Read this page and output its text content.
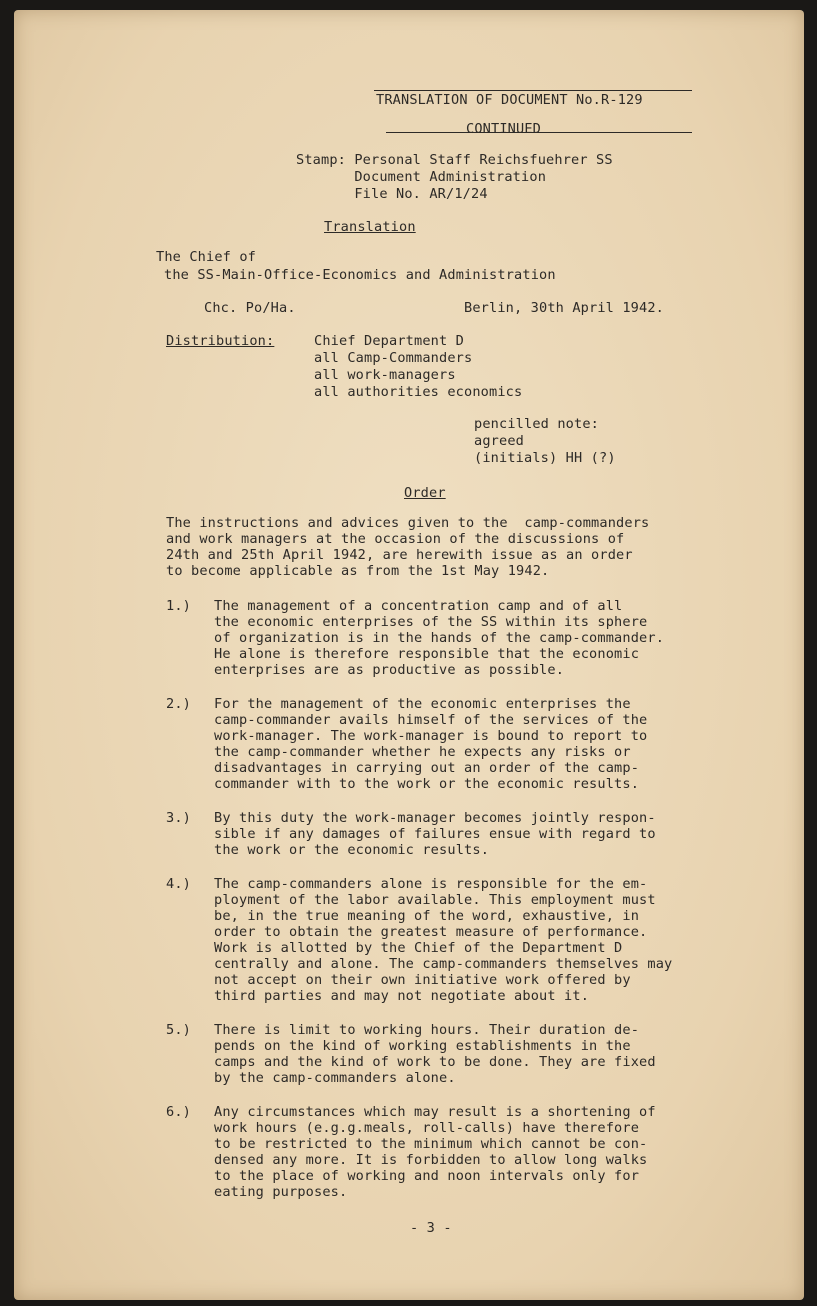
TRANSLATION OF DOCUMENT No.R-129
CONTINUED
Stamp: Personal Staff Reichsfuehrer SS
Document Administration
File No. AR/1/24
Translation
The Chief of
the SS-Main-Office-Economics and Administration
Chc. Po/Ha.	Berlin, 30th April 1942.
Distribution:	Chief Department D
all Camp-Commanders
all work-managers
all authorities economics
pencilled note:
agreed
(initials) HH (?)
Order
The instructions and advices given to the  camp-commanders
and work managers at the occasion of the discussions of
24th and 25th April 1942, are herewith issue as an order
to become applicable as from the 1st May 1942.
1.) The management of a concentration camp and of all
the economic enterprises of the SS within its sphere
of organization is in the hands of the camp-commander.
He alone is therefore responsible that the economic
enterprises are as productive as possible.
2.) For the management of the economic enterprises the
camp-commander avails himself of the services of the
work-manager. The work-manager is bound to report to
the camp-commander whether he expects any risks or
disadvantages in carrying out an order of the camp-
commander with to the work or the economic results.
3.) By this duty the work-manager becomes jointly respon-
sible if any damages of failures ensue with regard to
the work or the economic results.
4.) The camp-commanders alone is responsible for the em-
ployment of the labor available. This employment must
be, in the true meaning of the word, exhaustive, in
order to obtain the greatest measure of performance.
Work is allotted by the Chief of the Department D
centrally and alone. The camp-commanders themselves may
not accept on their own initiative work offered by
third parties and may not negotiate about it.
5.) There is limit to working hours. Their duration de-
pends on the kind of working establishments in the
camps and the kind of work to be done. They are fixed
by the camp-commanders alone.
6.) Any circumstances which may result is a shortening of
work hours (e.g.g.meals, roll-calls) have therefore
to be restricted to the minimum which cannot be con-
densed any more. It is forbidden to allow long walks
to the place of working and noon intervals only for
eating purposes.
- 3 -
